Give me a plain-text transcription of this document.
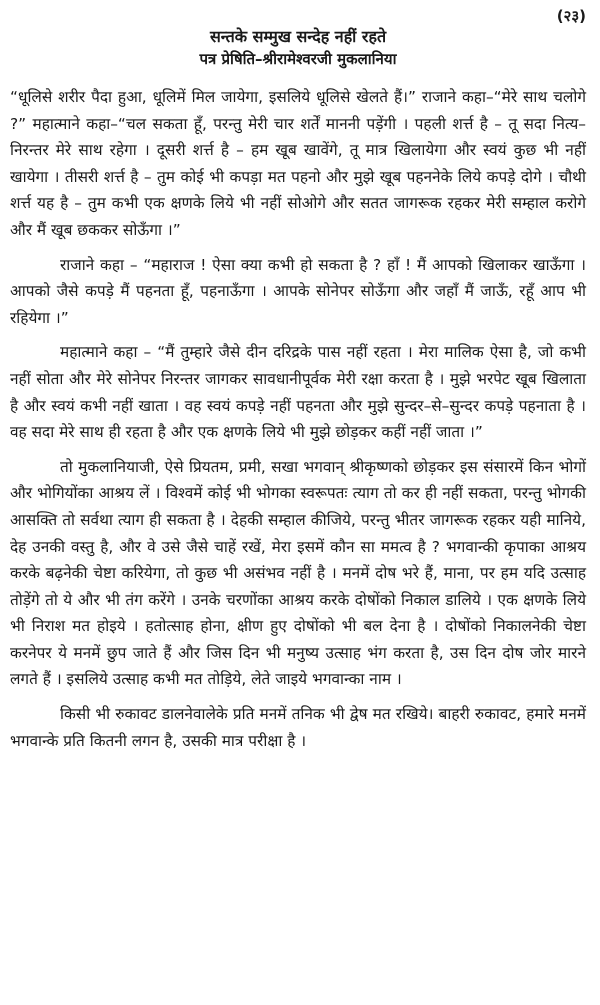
(२३)
सन्तके सम्मुख सन्देह नहीं रहते
पत्र प्रेषिति–श्रीरामेश्वरजी मुकलानिया

“धूलिसे शरीर पैदा हुआ, धूलिमें मिल जायेगा, इसलिये धूलिसे खेलते हैं।” राजाने कहा–“मेरे साथ चलोगे ?” महात्माने कहा–“चल सकता हूँ, परन्तु मेरी चार शर्तें माननी पड़ेंगी । पहली शर्त्त है – तू सदा नित्य–निरन्तर मेरे साथ रहेगा । दूसरी शर्त्त है – हम खूब खावेंगे, तू मात्र खिलायेगा और स्वयं कुछ भी नहीं खायेगा । तीसरी शर्त्त है – तुम कोई भी कपड़ा मत पहनो और मुझे खूब पहननेके लिये कपड़े दोगे । चौथी शर्त्त यह है – तुम कभी एक क्षणके लिये भी नहीं सोओगे और सतत जागरूक रहकर मेरी सम्हाल करोगे और मैं खूब छककर सोऊँगा ।”

राजाने कहा – “महाराज ! ऐसा क्या कभी हो सकता है ? हाँ ! मैं आपको खिलाकर खाऊँगा । आपको जैसे कपड़े मैं पहनता हूँ, पहनाऊँगा । आपके सोनेपर सोऊँगा और जहाँ मैं जाऊँ, रहूँ आप भी रहियेगा ।”

महात्माने कहा – “मैं तुम्हारे जैसे दीन दरिद्रके पास नहीं रहता । मेरा मालिक ऐसा है, जो कभी नहीं सोता और मेरे सोनेपर निरन्तर जागकर सावधानीपूर्वक मेरी रक्षा करता है । मुझे भरपेट खूब खिलाता है और स्वयं कभी नहीं खाता । वह स्वयं कपड़े नहीं पहनता और मुझे सुन्दर–से–सुन्दर कपड़े पहनाता है । वह सदा मेरे साथ ही रहता है और एक क्षणके लिये भी मुझे छोड़कर कहीं नहीं जाता ।”

तो मुकलानियाजी, ऐसे प्रियतम, प्रमी, सखा भगवान् श्रीकृष्णको छोड़कर इस संसारमें किन भोगों और भोगियोंका आश्रय लें । विश्वमें कोई भी भोगका स्वरूपतः त्याग तो कर ही नहीं सकता, परन्तु भोगकी आसक्ति तो सर्वथा त्याग ही सकता है । देहकी सम्हाल कीजिये, परन्तु भीतर जागरूक रहकर यही मानिये, देह उनकी वस्तु है, और वे उसे जैसे चाहें रखें, मेरा इसमें कौन सा ममत्व है ? भगवान्की कृपाका आश्रय करके बढ़नेकी चेष्टा करियेगा, तो कुछ भी असंभव नहीं है । मनमें दोष भरे हैं, माना, पर हम यदि उत्साह तोड़ेंगे तो ये और भी तंग करेंगे । उनके चरणोंका आश्रय करके दोषोंको निकाल डालिये । एक क्षणके लिये भी निराश मत होइये । हतोत्साह होना, क्षीण हुए दोषोंको भी बल देना है । दोषोंको निकालनेकी चेष्टा करनेपर ये मनमें छुप जाते हैं और जिस दिन भी मनुष्य उत्साह भंग करता है, उस दिन दोष जोर मारने लगते हैं । इसलिये उत्साह कभी मत तोड़िये, लेते जाइये भगवान्का नाम ।

किसी भी रुकावट डालनेवालेके प्रति मनमें तनिक भी द्वेष मत रखिये। बाहरी रुकावट, हमारे मनमें भगवान्के प्रति कितनी लगन है, उसकी मात्र परीक्षा है ।
